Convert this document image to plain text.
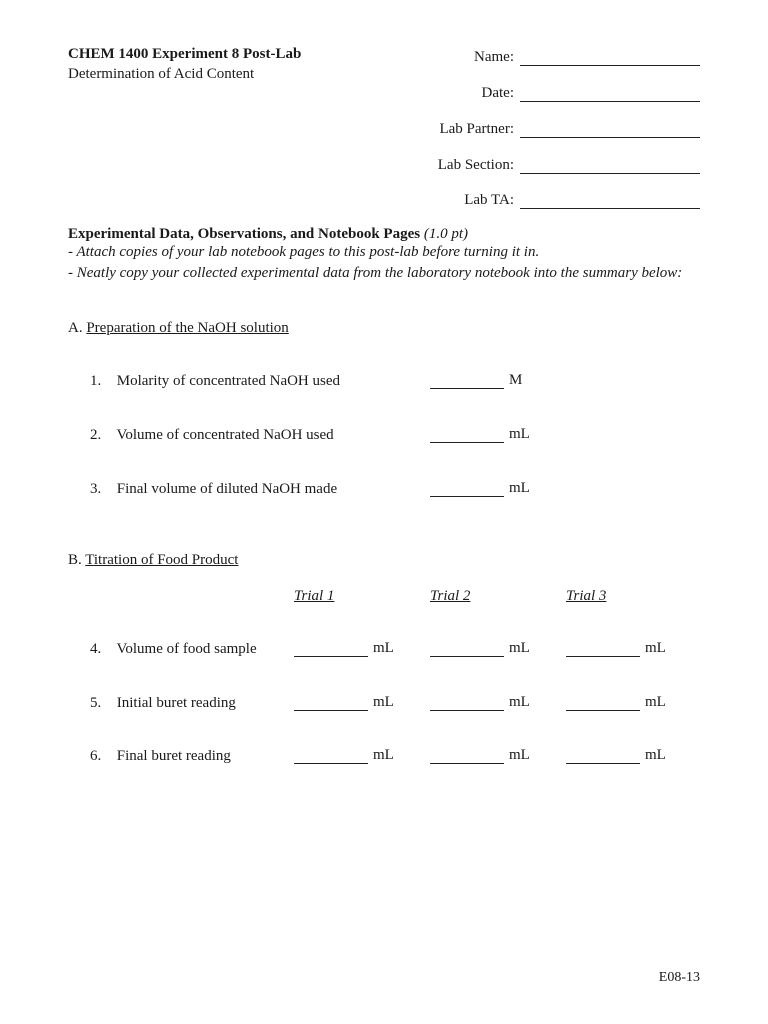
CHEM 1400 Experiment 8 Post-Lab
Determination of Acid Content
Name:
Date:
Lab Partner:
Lab Section:
Lab TA:
Experimental Data, Observations, and Notebook Pages (1.0 pt)
- Attach copies of your lab notebook pages to this post-lab before turning it in.
- Neatly copy your collected experimental data from the laboratory notebook into the summary below:
A. Preparation of the NaOH solution
1. Molarity of concentrated NaOH used	M
2. Volume of concentrated NaOH used	mL
3. Final volume of diluted NaOH made	mL
B. Titration of Food Product
Trial 1	Trial 2	Trial 3
4. Volume of food sample	mL	mL	mL
5. Initial buret reading	mL	mL	mL
6. Final buret reading	mL	mL	mL
E08-13
